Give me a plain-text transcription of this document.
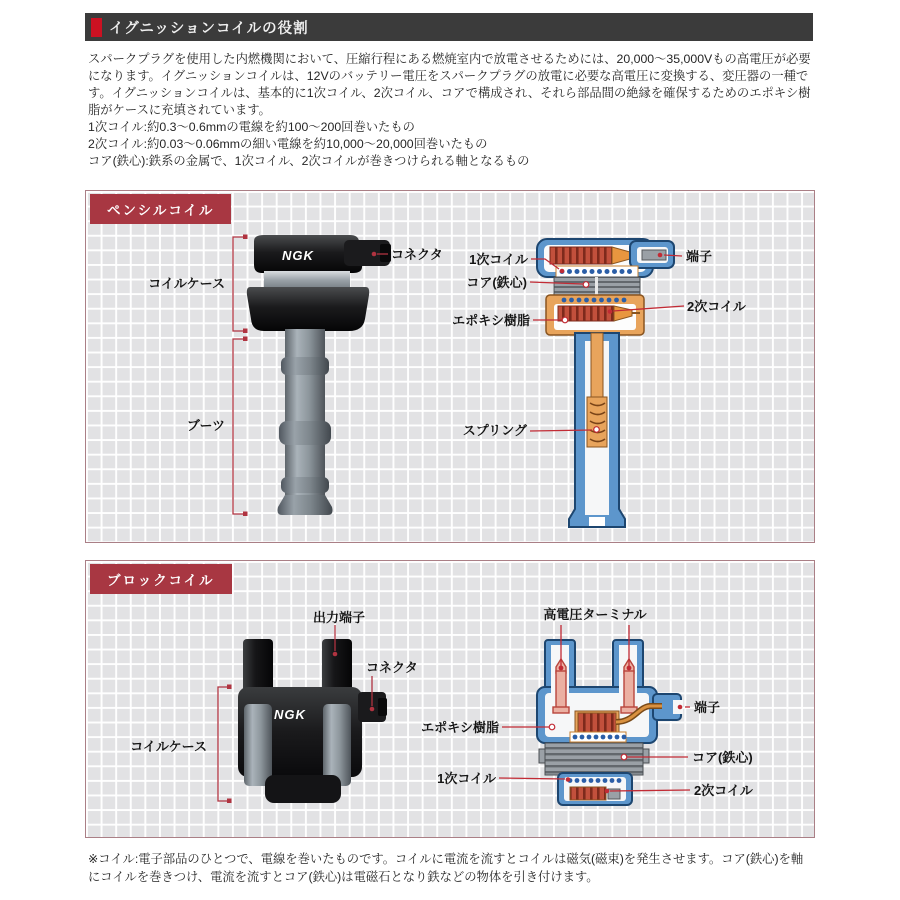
イグニッションコイルの役割
スパークプラグを使用した内燃機関において、圧縮行程にある燃焼室内で放電させるためには、20,000〜35,000Vもの高電圧が必要になります。イグニッションコイルは、12Vのバッテリー電圧をスパークプラグの放電に必要な高電圧に変換する、変圧器の一種です。イグニッションコイルは、基本的に1次コイル、2次コイル、コアで構成され、それら部品間の絶縁を確保するためのエポキシ樹脂がケースに充填されています。
1次コイル:約0.3〜0.6mmの電線を約100〜200回巻いたもの
2次コイル:約0.03〜0.06mmの細い電線を約10,000〜20,000回巻いたもの
コア(鉄心):鉄系の金属で、1次コイル、2次コイルが巻きつけられる軸となるもの
NGK
コイルケース
ブーツ
コネクタ 1次コイル
コア(鉄心)
エポキシ樹脂
端子
2次コイル
スプリング
ペンシルコイル
NGK
出力端子
コネクタ
コイルケース
高電圧ターミナル
端子
エポキシ樹脂
コア(鉄心)
1次コイル
2次コイル
ブロックコイル
※コイル:電子部品のひとつで、電線を巻いたものです。コイルに電流を流すとコイルは磁気(磁束)を発生させます。コア(鉄心)を軸にコイルを巻きつけ、電流を流すとコア(鉄心)は電磁石となり鉄などの物体を引き付けます。
